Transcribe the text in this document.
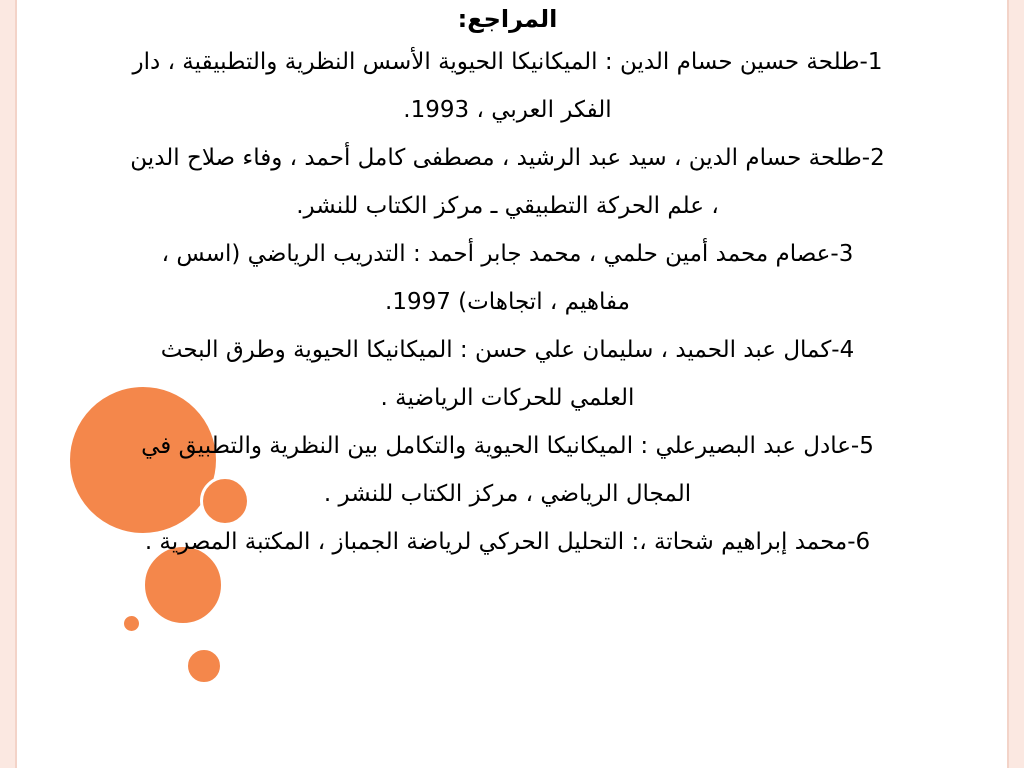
المراجع:
1-طلحة حسين حسام الدين : الميكانيكا الحيوية الأسس النظرية والتطبيقية ، دار الفكر العربي ، 1993.
2-طلحة حسام الدين ، سيد عبد الرشيد ، مصطفى كامل أحمد ، وفاء صلاح الدين ، علم الحركة التطبيقي ـ مركز الكتاب للنشر.
3-عصام محمد أمين حلمي ، محمد جابر أحمد : التدريب الرياضي (اسس ، مفاهيم ، اتجاهات) 1997.
4-كمال عبد الحميد ، سليمان علي حسن : الميكانيكا الحيوية وطرق البحث العلمي للحركات الرياضية .
5-عادل عبد البصيرعلي : الميكانيكا الحيوية والتكامل بين النظرية والتطبيق في المجال الرياضي ، مركز الكتاب للنشر .
6-محمد إبراهيم شحاتة ،: التحليل الحركي لرياضة الجمباز ، المكتبة المصرية .
